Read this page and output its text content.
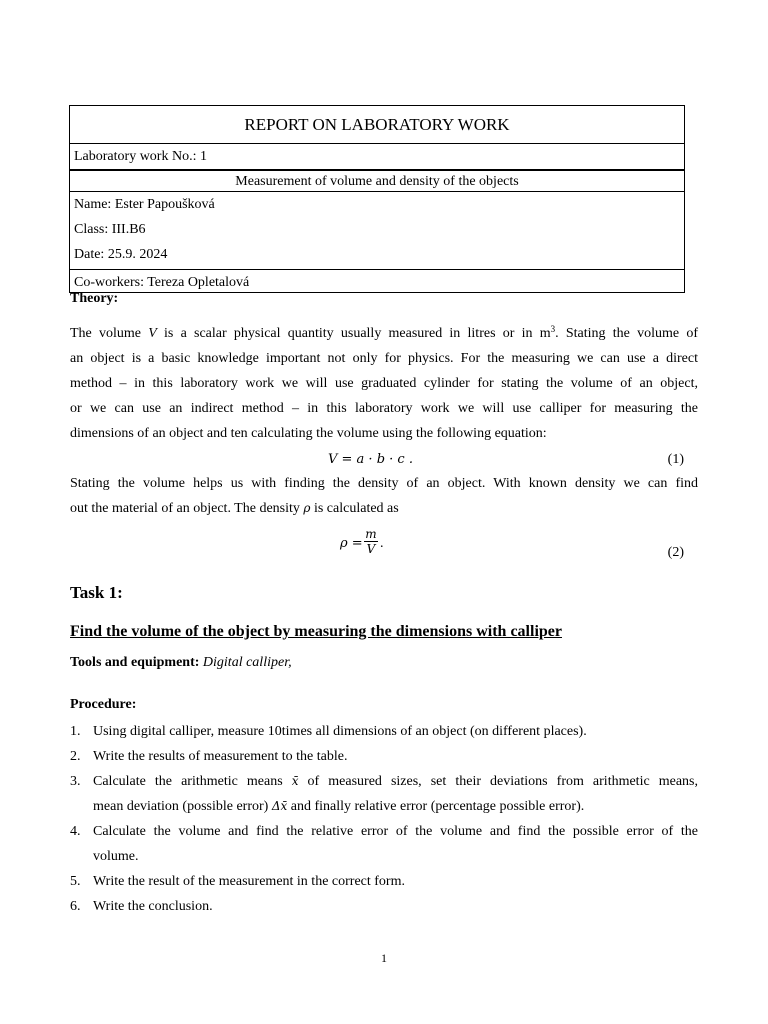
REPORT ON LABORATORY WORK
Laboratory work No.: 1
Measurement of volume and density of the objects
Name: Ester Papoušková
Class: III.B6
Date: 25.9. 2024
Co-workers: Tereza Opletalová
Theory:
The volume V is a scalar physical quantity usually measured in litres or in $m^3$. Stating the volume of
an object is a basic knowledge important not only for physics. For the measuring we can use a direct
method – in this laboratory work we will use graduated cylinder for stating the volume of an object,
or we can use an indirect method – in this laboratory work we will use calliper for measuring the
dimensions of an object and ten calculating the volume using the following equation:
V = a · b · c .	(1)
Stating the volume helps us with finding the density of an object. With known density we can find
out the material of an object. The density ρ is calculated as
$\rho = \frac{m}{V}$ .
(2)
Task 1:
Find the volume of the object by measuring the dimensions with calliper
Tools and equipment: Digital calliper,
Procedure:
1. Using digital calliper, measure 10times all dimensions of an object (on different places).
2. Write the results of measurement to the table.
3. Calculate the arithmetic means x̄ of measured sizes, set their deviations from arithmetic means,
mean deviation (possible error) Δx̄ and finally relative error (percentage possible error).
4. Calculate the volume and find the relative error of the volume and find the possible error of the
volume.
5. Write the result of the measurement in the correct form.
6. Write the conclusion.
1
